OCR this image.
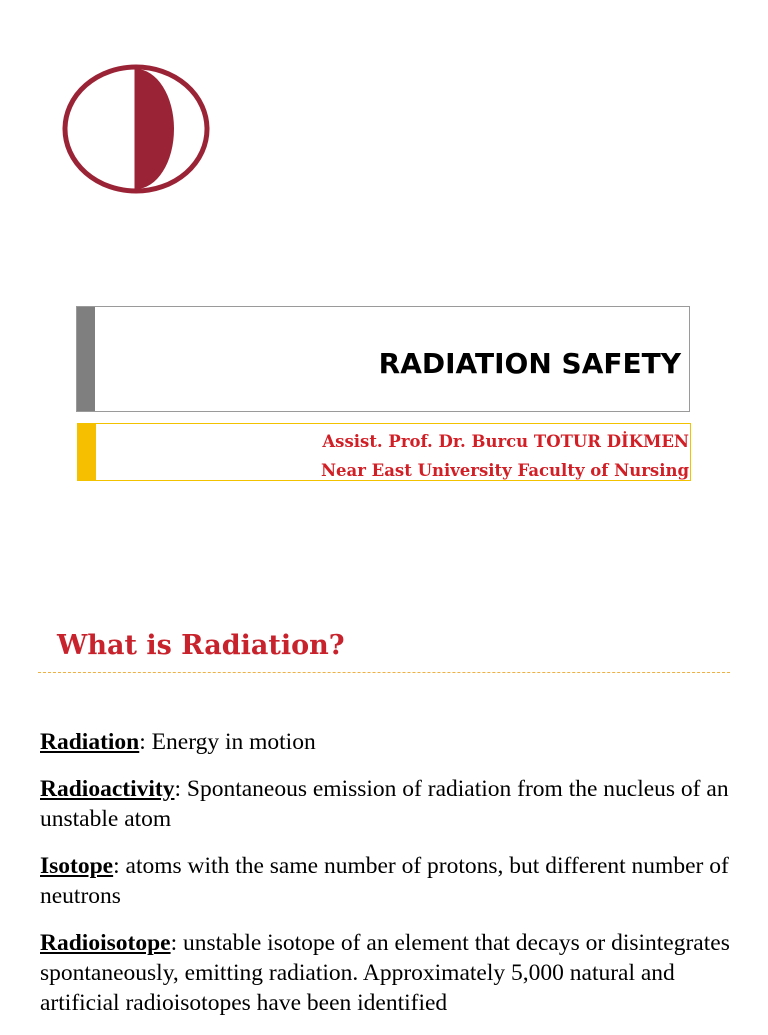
RADIATION SAFETY
Assist. Prof. Dr. Burcu TOTUR DİKMEN
Near East University Faculty of Nursing
What is Radiation?

Radiation: Energy in motion

Radioactivity: Spontaneous emission of radiation from the nucleus of an unstable atom

Isotope: atoms with the same number of protons, but different number of neutrons

Radioisotope: unstable isotope of an element that decays or disintegrates spontaneously, emitting radiation. Approximately 5,000 natural and artificial radioisotopes have been identified
